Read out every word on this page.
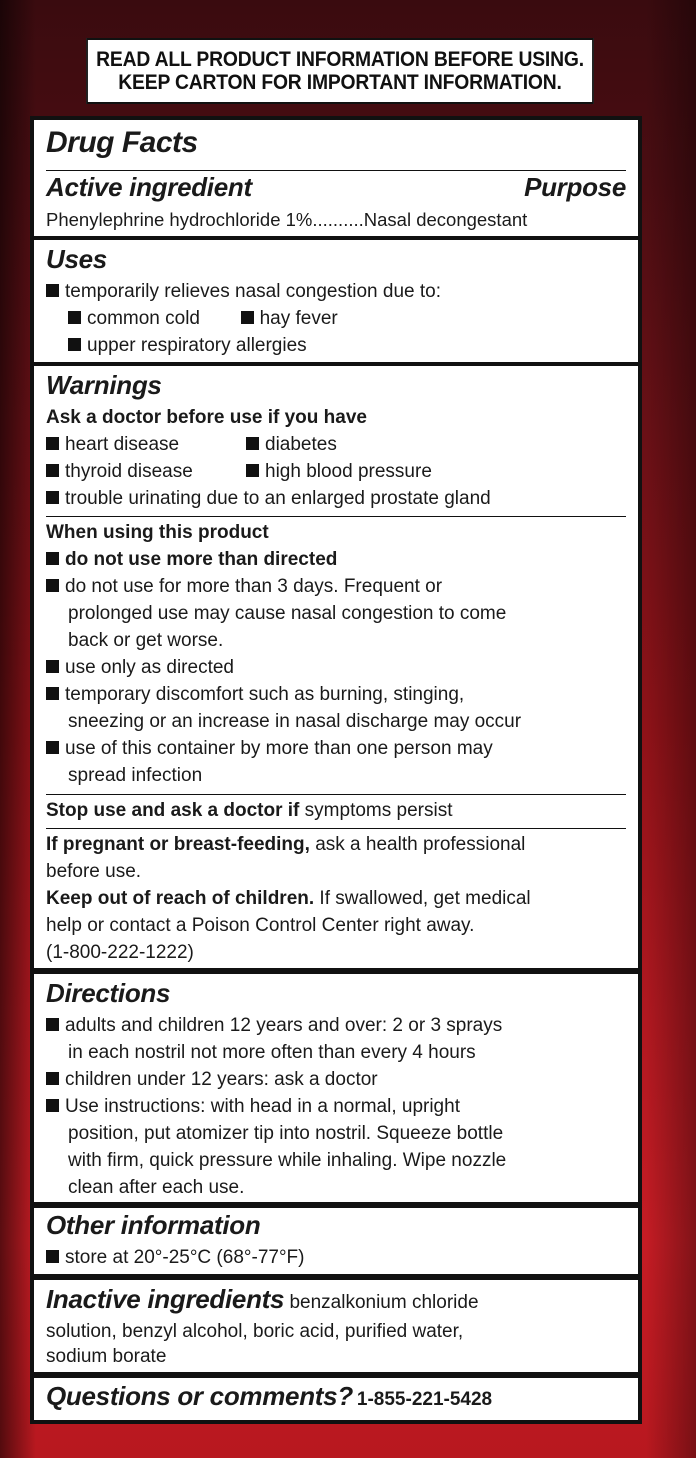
READ ALL PRODUCT INFORMATION BEFORE USING.
KEEP CARTON FOR IMPORTANT INFORMATION.
Drug Facts
Active ingredient	Purpose
Phenylephrine hydrochloride 1%..........Nasal decongestant
Uses
temporarily relieves nasal congestion due to:
common cold	hay fever
upper respiratory allergies
Warnings
Ask a doctor before use if you have
heart disease	diabetes
thyroid disease	high blood pressure
trouble urinating due to an enlarged prostate gland
When using this product
do not use more than directed
do not use for more than 3 days. Frequent or
prolonged use may cause nasal congestion to come
back or get worse.
use only as directed
temporary discomfort such as burning, stinging,
sneezing or an increase in nasal discharge may occur
use of this container by more than one person may
spread infection
Stop use and ask a doctor if symptoms persist
If pregnant or breast-feeding, ask a health professional
before use.
Keep out of reach of children. If swallowed, get medical
help or contact a Poison Control Center right away.
(1-800-222-1222)
Directions
adults and children 12 years and over: 2 or 3 sprays
in each nostril not more often than every 4 hours
children under 12 years: ask a doctor
Use instructions: with head in a normal, upright
position, put atomizer tip into nostril. Squeeze bottle
with firm, quick pressure while inhaling. Wipe nozzle
clean after each use.
Other information
store at 20°-25°C (68°-77°F)
Inactive ingredients benzalkonium chloride
solution, benzyl alcohol, boric acid, purified water,
sodium borate
Questions or comments? 1-855-221-5428
